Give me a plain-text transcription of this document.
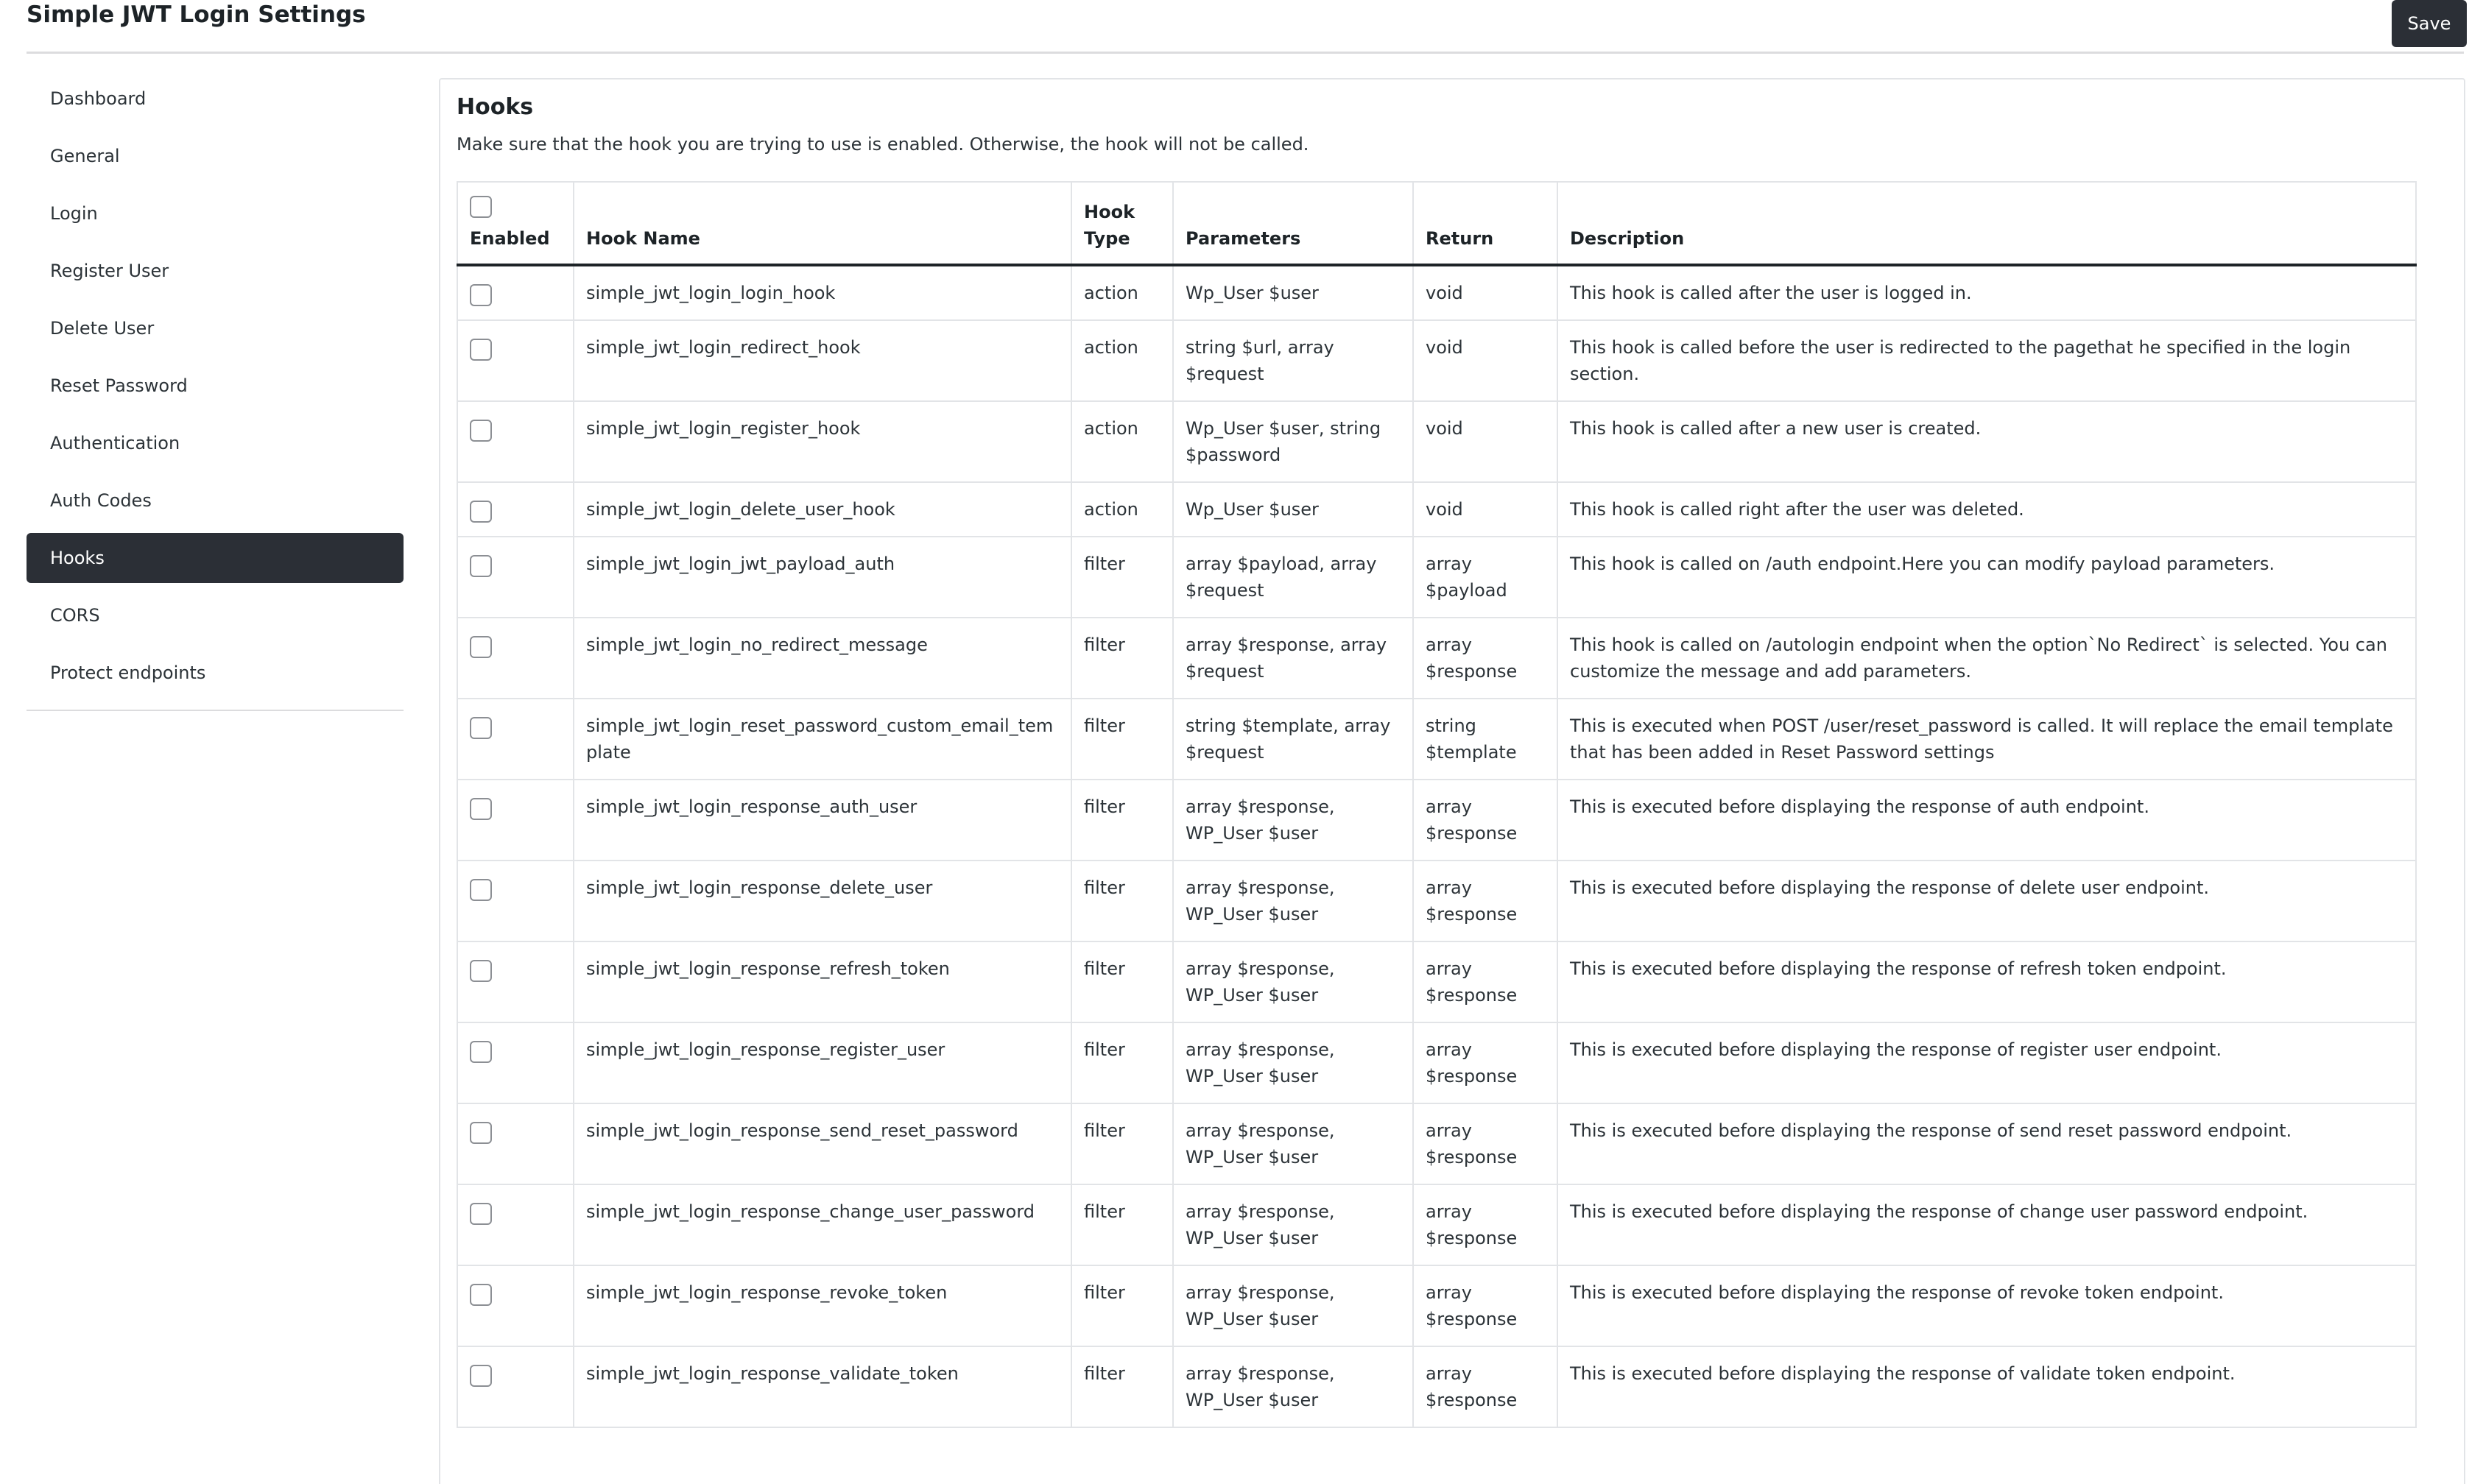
Simple JWT Login Settings	Save
Dashboard
General
Login
Register User
Delete User
Reset Password
Authentication
Auth Codes
Hooks
CORS
Protect endpoints
Hooks
Make sure that the hook you are trying to use is enabled. Otherwise, the hook will not be called.
Enabled	Hook Name	Hook Type	Parameters	Return	Description
	simple_jwt_login_login_hook	action	Wp_User $user	void	This hook is called after the user is logged in.
	simple_jwt_login_redirect_hook	action	string $url, array $request	void	This hook is called before the user is redirected to the pagethat he specified in the login section.
	simple_jwt_login_register_hook	action	Wp_User $user, string $password	void	This hook is called after a new user is created.
	simple_jwt_login_delete_user_hook	action	Wp_User $user	void	This hook is called right after the user was deleted.
	simple_jwt_login_jwt_payload_auth	filter	array $payload, array $request	array $payload	This hook is called on /auth endpoint.Here you can modify payload parameters.
	simple_jwt_login_no_redirect_message	filter	array $response, array $request	array $response	This hook is called on /autologin endpoint when the option`No Redirect` is selected. You can customize the message and add parameters.
	simple_jwt_login_reset_password_custom_email_template	filter	string $template, array $request	string $template	This is executed when POST /user/reset_password is called. It will replace the email template that has been added in Reset Password settings
	simple_jwt_login_response_auth_user	filter	array $response, WP_User $user	array $response	This is executed before displaying the response of auth endpoint.
	simple_jwt_login_response_delete_user	filter	array $response, WP_User $user	array $response	This is executed before displaying the response of delete user endpoint.
	simple_jwt_login_response_refresh_token	filter	array $response, WP_User $user	array $response	This is executed before displaying the response of refresh token endpoint.
	simple_jwt_login_response_register_user	filter	array $response, WP_User $user	array $response	This is executed before displaying the response of register user endpoint.
	simple_jwt_login_response_send_reset_password	filter	array $response, WP_User $user	array $response	This is executed before displaying the response of send reset password endpoint.
	simple_jwt_login_response_change_user_password	filter	array $response, WP_User $user	array $response	This is executed before displaying the response of change user password endpoint.
	simple_jwt_login_response_revoke_token	filter	array $response, WP_User $user	array $response	This is executed before displaying the response of revoke token endpoint.
	simple_jwt_login_response_validate_token	filter	array $response, WP_User $user	array $response	This is executed before displaying the response of validate token endpoint.
